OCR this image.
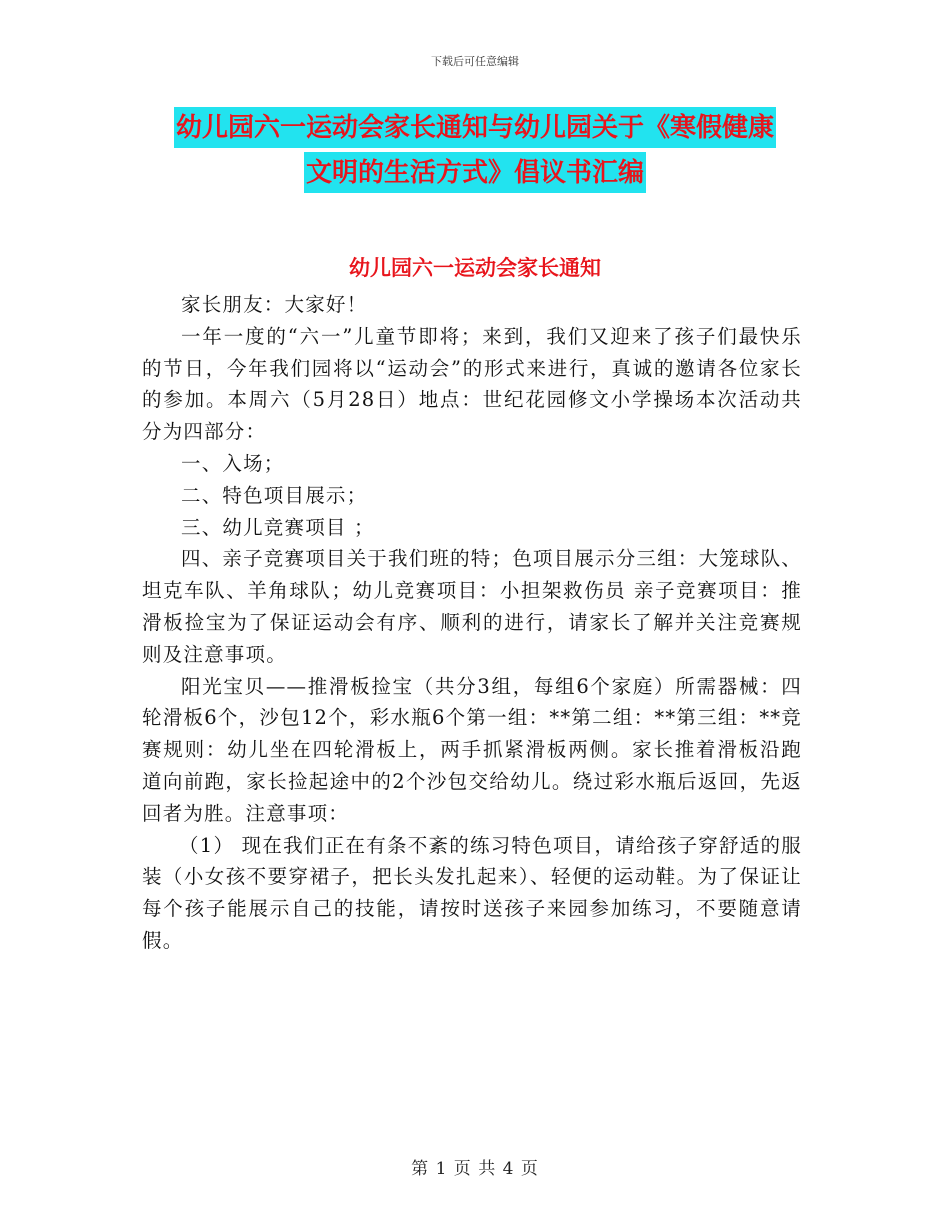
下载后可任意编辑
幼儿园六一运动会家长通知与幼儿园关于《寒假健康
文明的生活方式》倡议书汇编
幼儿园六一运动会家长通知

家长朋友：大家好！

一年一度的“六一”儿童节即将；来到，我们又迎来了孩子们最快乐的节日，今年我们园将以“运动会”的形式来进行，真诚的邀请各位家长的参加。本周六（5月28日）地点：世纪花园修文小学操场本次活动共分为四部分：

一、入场；

二、特色项目展示；

三、幼儿竞赛项目 ；

四、亲子竞赛项目关于我们班的特；色项目展示分三组：大笼球队、坦克车队、羊角球队；幼儿竞赛项目：小担架救伤员 亲子竞赛项目：推滑板捡宝为了保证运动会有序、顺利的进行，请家长了解并关注竞赛规则及注意事项。

阳光宝贝——推滑板捡宝（共分3组，每组6个家庭）所需器械：四轮滑板6个，沙包12个，彩水瓶6个第一组：**第二组：**第三组：**竞赛规则：幼儿坐在四轮滑板上，两手抓紧滑板两侧。家长推着滑板沿跑道向前跑，家长捡起途中的2个沙包交给幼儿。绕过彩水瓶后返回，先返回者为胜。注意事项：

（1） 现在我们正在有条不紊的练习特色项目，请给孩子穿舒适的服装（小女孩不要穿裙子，把长头发扎起来）、轻便的运动鞋。为了保证让每个孩子能展示自己的技能，请按时送孩子来园参加练习，不要随意请假。

第 1 页 共 4 页
